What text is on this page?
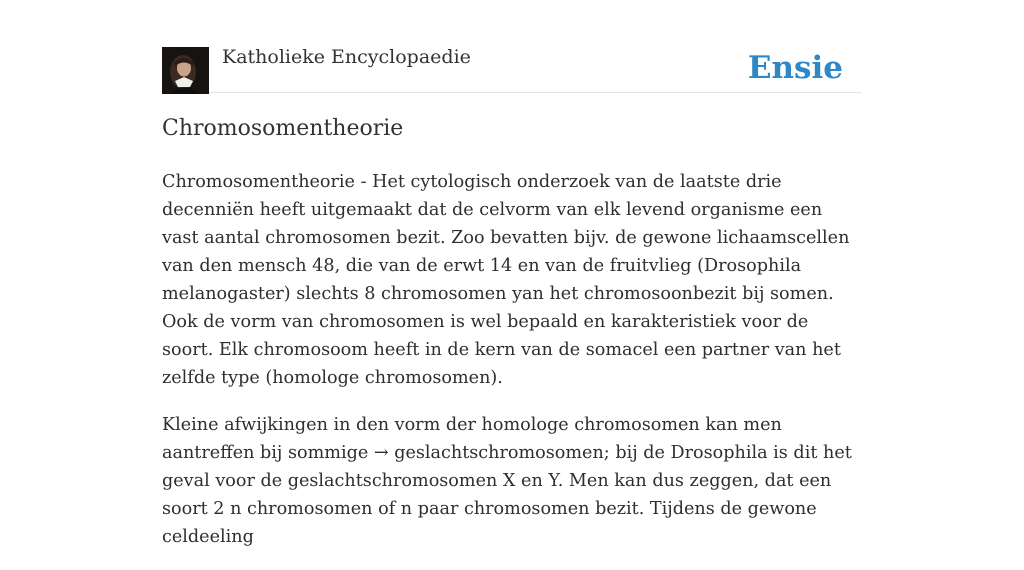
Katholieke Encyclopaedie	Ensie
Chromosomentheorie

Chromosomentheorie - Het cytologisch onderzoek van de laatste drie decenniën heeft uitgemaakt dat de celvorm van elk levend organisme een vast aantal chromosomen bezit. Zoo bevatten bijv. de gewone lichaamscellen van den mensch 48, die van de erwt 14 en van de fruitvlieg (Drosophila melanogaster) slechts 8 chromosomen yan het chromosoonbezit bij somen. Ook de vorm van chromosomen is wel bepaald en karakteristiek voor de soort. Elk chromosoom heeft in de kern van de somacel een partner van het zelfde type (homologe chromosomen).

Kleine afwijkingen in den vorm der homologe chromosomen kan men aantreffen bij sommige → geslachtschromosomen; bij de Drosophila is dit het geval voor de geslachtschromosomen X en Y. Men kan dus zeggen, dat een soort 2 n chromosomen of n paar chromosomen bezit. Tijdens de gewone celdeeling
